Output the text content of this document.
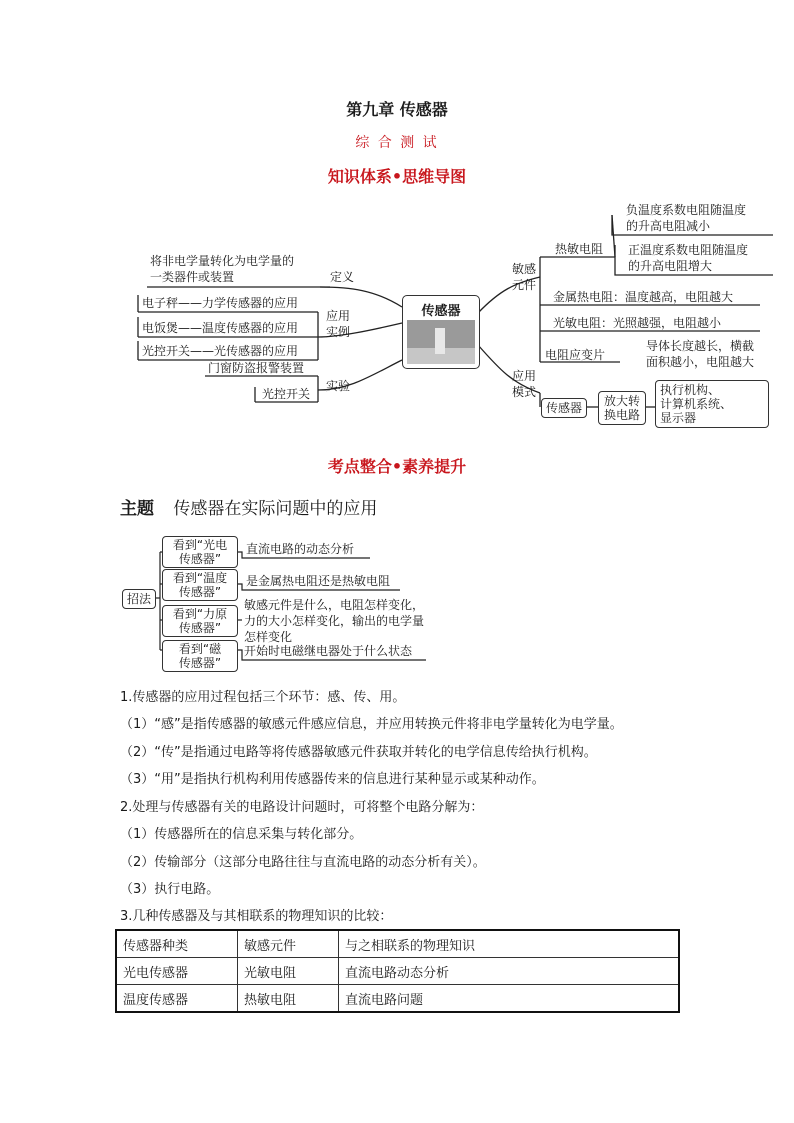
第九章 传感器
综 合 测 试
知识体系•思维导图
传感器
将非电学量转化为电学量的
一类器件或装置	定义
电子秤——力学传感器的应用
电饭煲——温度传感器的应用
光控开关——光传感器的应用
应用
实例
门窗防盗报警装置
光控开关
实验
敏感
元件
热敏电阻
负温度系数电阻随温度
的升高电阻减小
正温度系数电阻随温度
的升高电阻增大
金属热电阻：温度越高，电阻越大
光敏电阻：光照越强，电阻越小
电阻应变片
导体长度越长，横截
面积越小，电阻越大
应用
模式
传感器	放大转
换电路
执行机构、
计算机系统、
显示器
考点整合•素养提升
主题 传感器在实际问题中的应用
招法
看到“光电
传感器”
直流电路的动态分析
看到“温度
传感器”
是金属热电阻还是热敏电阻
看到“力原
传感器”
敏感元件是什么，电阻怎样变化，
力的大小怎样变化，输出的电学量
怎样变化
看到“磁
传感器”
开始时电磁继电器处于什么状态
1.传感器的应用过程包括三个环节：感、传、用。
（1）“感”是指传感器的敏感元件感应信息，并应用转换元件将非电学量转化为电学量。
（2）“传”是指通过电路等将传感器敏感元件获取并转化的电学信息传给执行机构。
（3）“用”是指执行机构利用传感器传来的信息进行某种显示或某种动作。
2.处理与传感器有关的电路设计问题时，可将整个电路分解为：
（1）传感器所在的信息采集与转化部分。
（2）传输部分（这部分电路往往与直流电路的动态分析有关）。
（3）执行电路。
3.几种传感器及与其相联系的物理知识的比较：
传感器种类	敏感元件	与之相联系的物理知识
光电传感器	光敏电阻	直流电路动态分析
温度传感器	热敏电阻	直流电路问题
